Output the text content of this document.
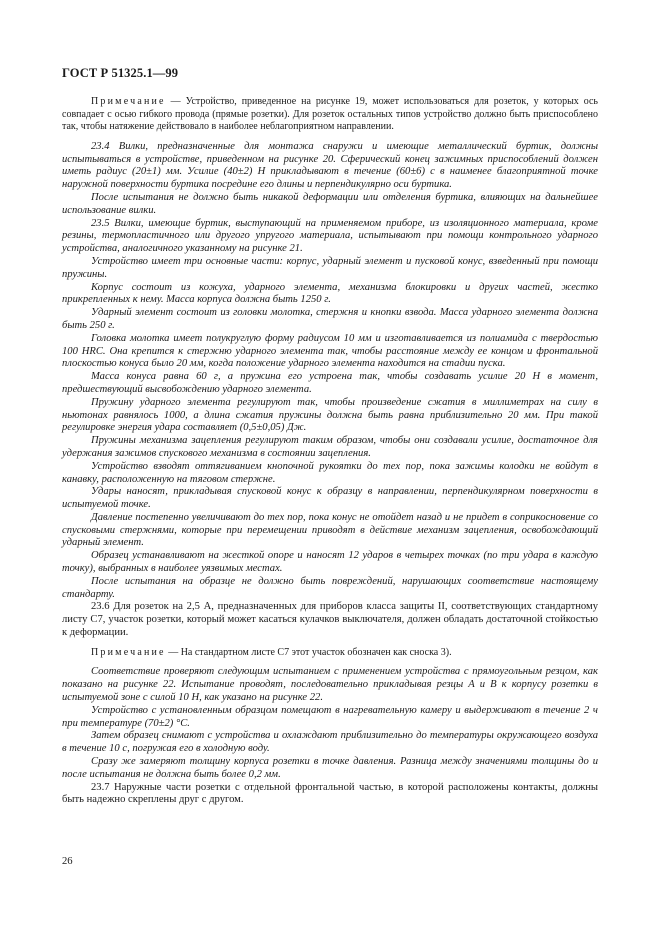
ГОСТ Р 51325.1—99

Примечание — Устройство, приведенное на рисунке 19, может использоваться для розеток, у которых ось совпадает с осью гибкого провода (прямые розетки). Для розеток остальных типов устройство должно быть приспособлено так, чтобы натяжение действовало в наиболее неблагоприятном направлении.

23.4 Вилки, предназначенные для монтажа снаружи и имеющие металлический буртик, должны испытываться в устройстве, приведенном на рисунке 20. Сферический конец зажимных приспособлений должен иметь радиус (20±1) мм. Усилие (40±2) Н прикладывают в течение (60±6) с в наименее благоприятной точке наружной поверхности буртика посредине его длины и перпендикулярно оси буртика.

После испытания не должно быть никакой деформации или отделения буртика, влияющих на дальнейшее использование вилки.

23.5 Вилки, имеющие буртик, выступающий на применяемом приборе, из изоляционного материала, кроме резины, термопластичного или другого упругого материала, испытывают при помощи контрольного ударного устройства, аналогичного указанному на рисунке 21.

Устройство имеет три основные части: корпус, ударный элемент и пусковой конус, взведенный при помощи пружины.

Корпус состоит из кожуха, ударного элемента, механизма блокировки и других частей, жестко прикрепленных к нему. Масса корпуса должна быть 1250 г.

Ударный элемент состоит из головки молотка, стержня и кнопки взвода. Масса ударного элемента должна быть 250 г.

Головка молотка имеет полукруглую форму радиусом 10 мм и изготавливается из полиамида с твердостью 100 HRC. Она крепится к стержню ударного элемента так, чтобы расстояние между ее концом и фронтальной плоскостью конуса было 20 мм, когда положение ударного элемента находится на стадии пуска.

Масса конуса равна 60 г, а пружина его устроена так, чтобы создавать усилие 20 Н в момент, предшествующий высвобождению ударного элемента.

Пружину ударного элемента регулируют так, чтобы произведение сжатия в миллиметрах на силу в ньютонах равнялось 1000, а длина сжатия пружины должна быть равна приблизительно 20 мм. При такой регулировке энергия удара составляет (0,5±0,05) Дж.

Пружины механизма зацепления регулируют таким образом, чтобы они создавали усилие, достаточное для удержания зажимов спускового механизма в состоянии зацепления.

Устройство взводят оттягиванием кнопочной рукоятки до тех пор, пока зажимы колодки не войдут в канавку, расположенную на тяговом стержне.

Удары наносят, прикладывая спусковой конус к образцу в направлении, перпендикулярном поверхности в испытуемой точке.

Давление постепенно увеличивают до тех пор, пока конус не отойдет назад и не придет в соприкосновение со спусковыми стержнями, которые при перемещении приводят в действие механизм зацепления, освобождающий ударный элемент.

Образец устанавливают на жесткой опоре и наносят 12 ударов в четырех точках (по три удара в каждую точку), выбранных в наиболее уязвимых местах.

После испытания на образце не должно быть повреждений, нарушающих соответствие настоящему стандарту.

23.6 Для розеток на 2,5 А, предназначенных для приборов класса защиты II, соответствующих стандартному листу С7, участок розетки, который может касаться кулачков выключателя, должен обладать достаточной стойкостью к деформации.

Примечание — На стандартном листе С7 этот участок обозначен как сноска 3).

Соответствие проверяют следующим испытанием с применением устройства с прямоугольным резцом, как показано на рисунке 22. Испытание проводят, последовательно прикладывая резцы А и В к корпусу розетки в испытуемой зоне с силой 10 Н, как указано на рисунке 22.

Устройство с установленным образцом помещают в нагревательную камеру и выдерживают в течение 2 ч при температуре (70±2) °С.

Затем образец снимают с устройства и охлаждают приблизительно до температуры окружающего воздуха в течение 10 с, погружая его в холодную воду.

Сразу же замеряют толщину корпуса розетки в точке давления. Разница между значениями толщины до и после испытания не должна быть более 0,2 мм.

23.7 Наружные части розетки с отдельной фронтальной частью, в которой расположены контакты, должны быть надежно скреплены друг с другом.

26
